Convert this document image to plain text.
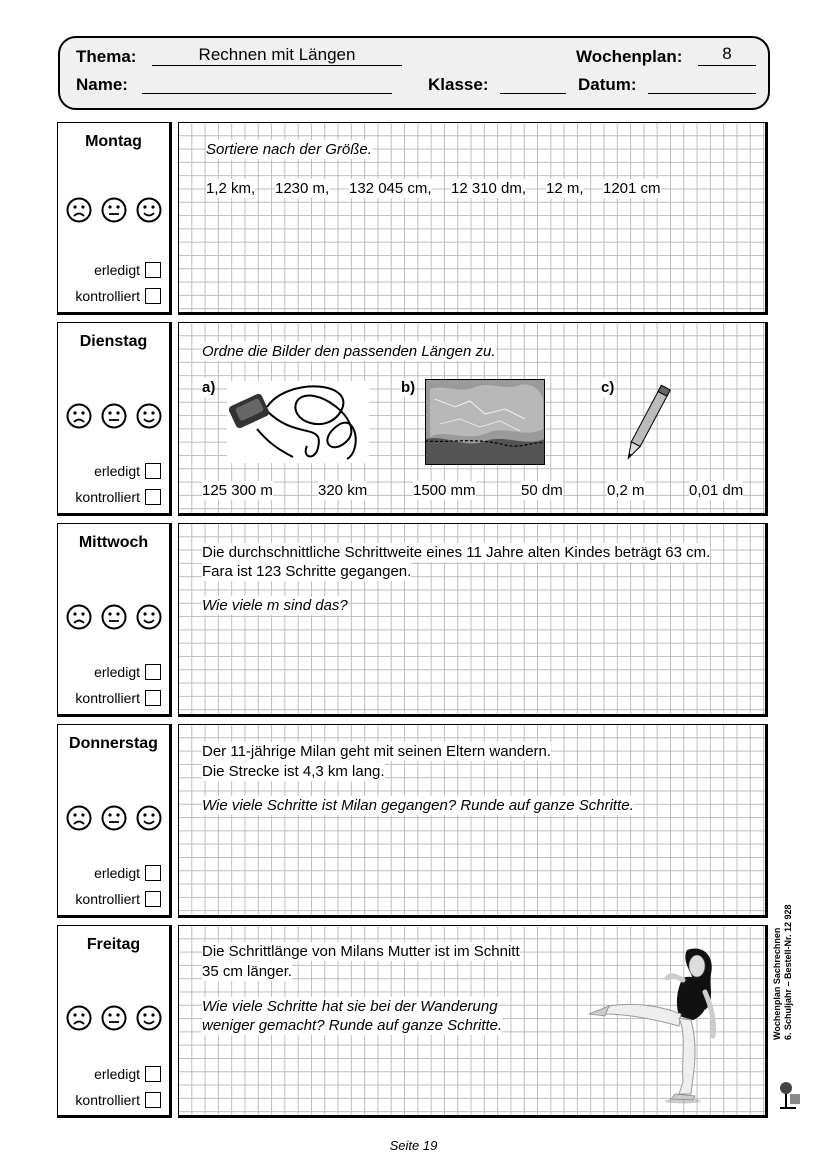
Thema:	Rechnen mit Längen	Wochenplan:	8
Name:	Klasse:	Datum:
Montag
erledigt
kontrolliert
Dienstag
erledigt
kontrolliert
Mittwoch
erledigt
kontrolliert
Donnerstag
erledigt
kontrolliert
Freitag
erledigt
kontrolliert
Sortiere nach der Größe.
1,2 km, 1230 m, 132 045 cm, 12 310 dm, 12 m, 1201 cm
Ordne die Bilder den passenden Längen zu.
a)	b)	c)
125 300 m	320 km	1500 mm	50 dm	0,2 m	0,01 dm
Die durchschnittliche Schrittweite eines 11 Jahre alten Kindes beträgt 63 cm.
Fara ist 123 Schritte gegangen.
Wie viele m sind das?
Der 11-jährige Milan geht mit seinen Eltern wandern.
Die Strecke ist 4,3 km lang.
Wie viele Schritte ist Milan gegangen? Runde auf ganze Schritte.
Die Schrittlänge von Milans Mutter ist im Schnitt
35 cm länger.
Wie viele Schritte hat sie bei der Wanderung
weniger gemacht? Runde auf ganze Schritte.	Wochenplan Sachrechnen 6. Schuljahr – Bestell-Nr. 12 928
Seite 19
